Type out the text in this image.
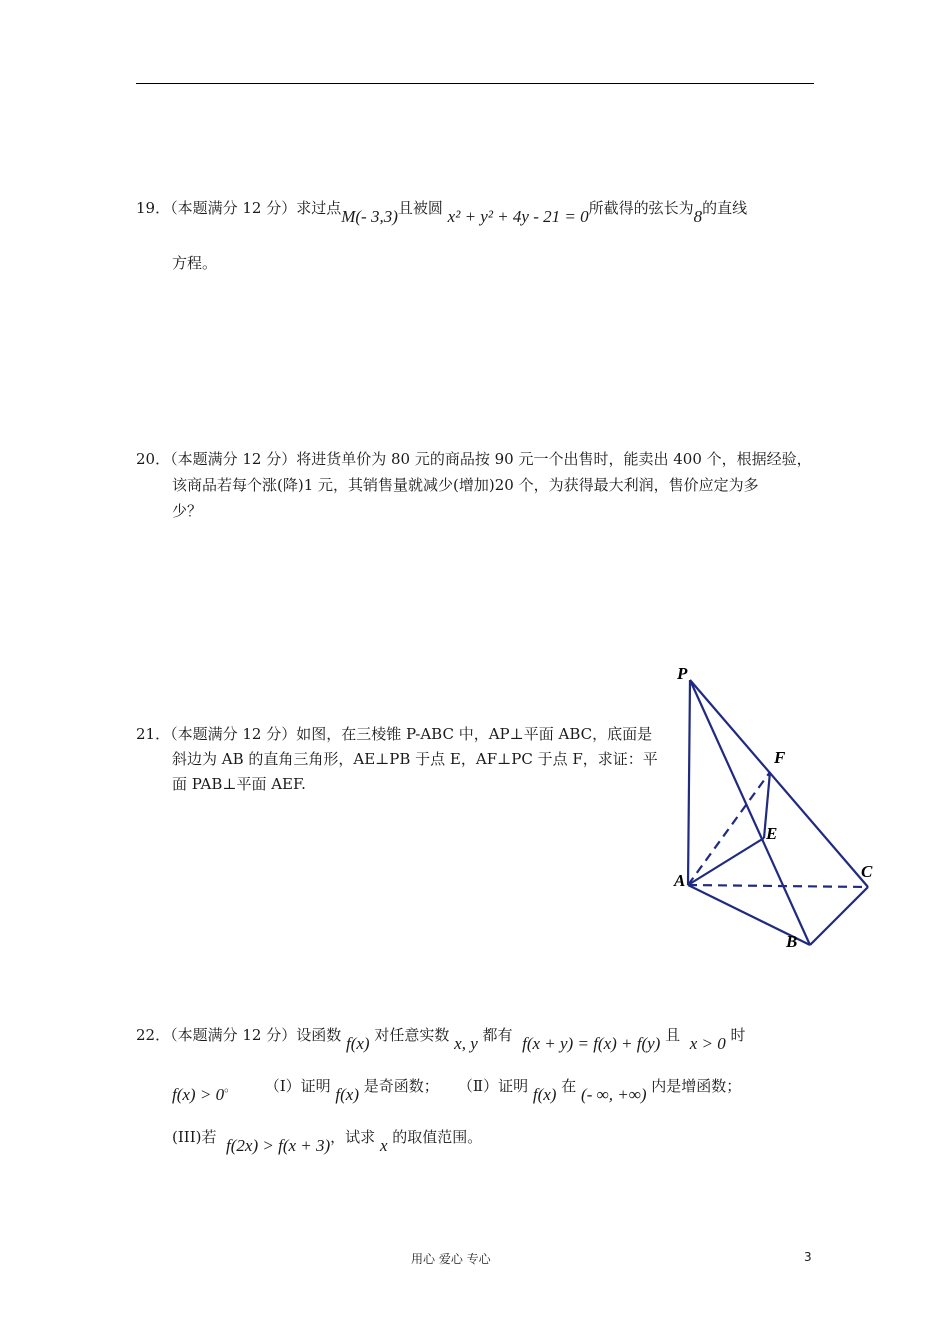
19．（本题满分 12 分）求过点M(- 3,3)且被圆 x² + y² + 4y - 21 = 0所截得的弦长为8的直线
方程。
20．（本题满分 12 分）将进货单价为 80 元的商品按 90 元一个出售时，能卖出 400 个，根据经验，
该商品若每个涨(降)1 元，其销售量就减少(增加)20 个，为获得最大利润，售价应定为多
少？
21．（本题满分 12 分）如图，在三棱锥 P-ABC 中，AP⊥平面 ABC，底面是
斜边为 AB 的直角三角形，AE⊥PB 于点 E，AF⊥PC 于点 F，求证：平
面 PAB⊥平面 AEF.
P
F
E
A	C
B
22．（本题满分 12 分）设函数 f(x) 对任意实数 x, y 都有 f(x + y) = f(x) + f(y) 且 x > 0 时
f(x) > 0。 （Ⅰ）证明 f(x) 是奇函数； （Ⅱ）证明 f(x) 在 (- ∞, +∞) 内是增函数；
(III)若 f(2x) > f(x + 3)，试求 x 的取值范围。
用心 爱心 专心	3
